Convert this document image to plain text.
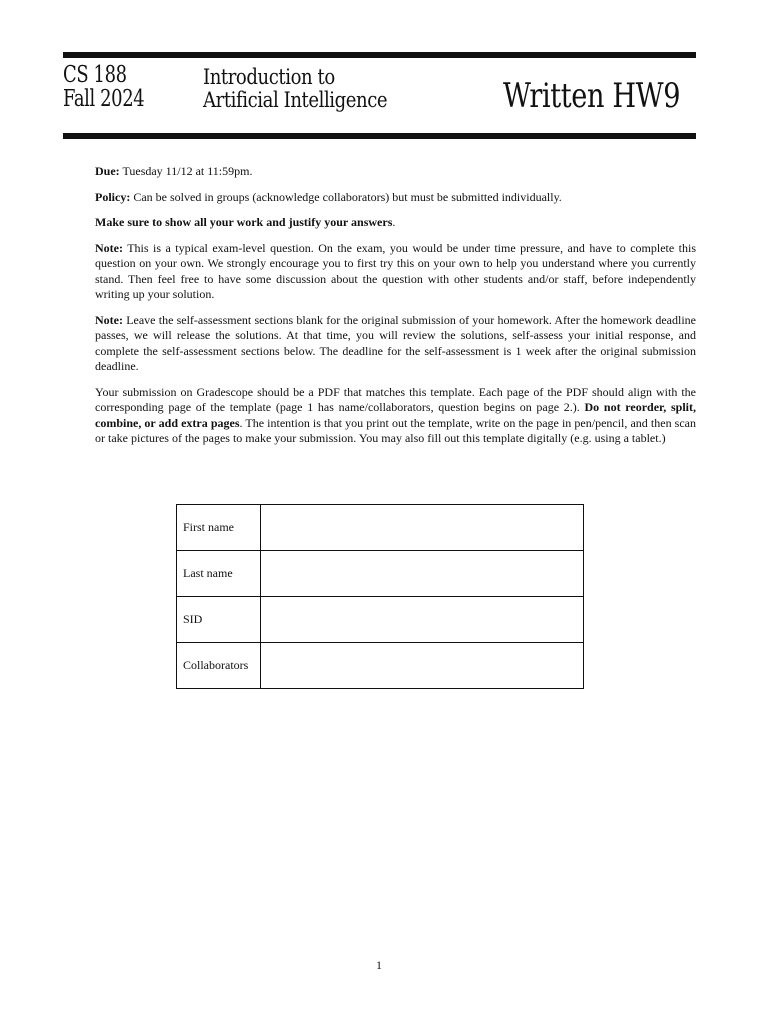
CS 188
Fall 2024
Introduction to
Artificial Intelligence	Written HW9

Due: Tuesday 11/12 at 11:59pm.

Policy: Can be solved in groups (acknowledge collaborators) but must be submitted individually.

Make sure to show all your work and justify your answers.

Note: This is a typical exam-level question. On the exam, you would be under time pressure, and have to complete this question on your own. We strongly encourage you to first try this on your own to help you understand where you currently stand. Then feel free to have some discussion about the question with other students and/or staff, before independently writing up your solution.

Note: Leave the self-assessment sections blank for the original submission of your homework. After the homework deadline passes, we will release the solutions. At that time, you will review the solutions, self-assess your initial response, and complete the self-assessment sections below. The deadline for the self-assessment is 1 week after the original submission deadline.

Your submission on Gradescope should be a PDF that matches this template. Each page of the PDF should align with the corresponding page of the template (page 1 has name/collaborators, question begins on page 2.). Do not reorder, split, combine, or add extra pages. The intention is that you print out the template, write on the page in pen/pencil, and then scan or take pictures of the pages to make your submission. You may also fill out this template digitally (e.g. using a tablet.)

First name	
Last name	
SID	
Collaborators	
1
